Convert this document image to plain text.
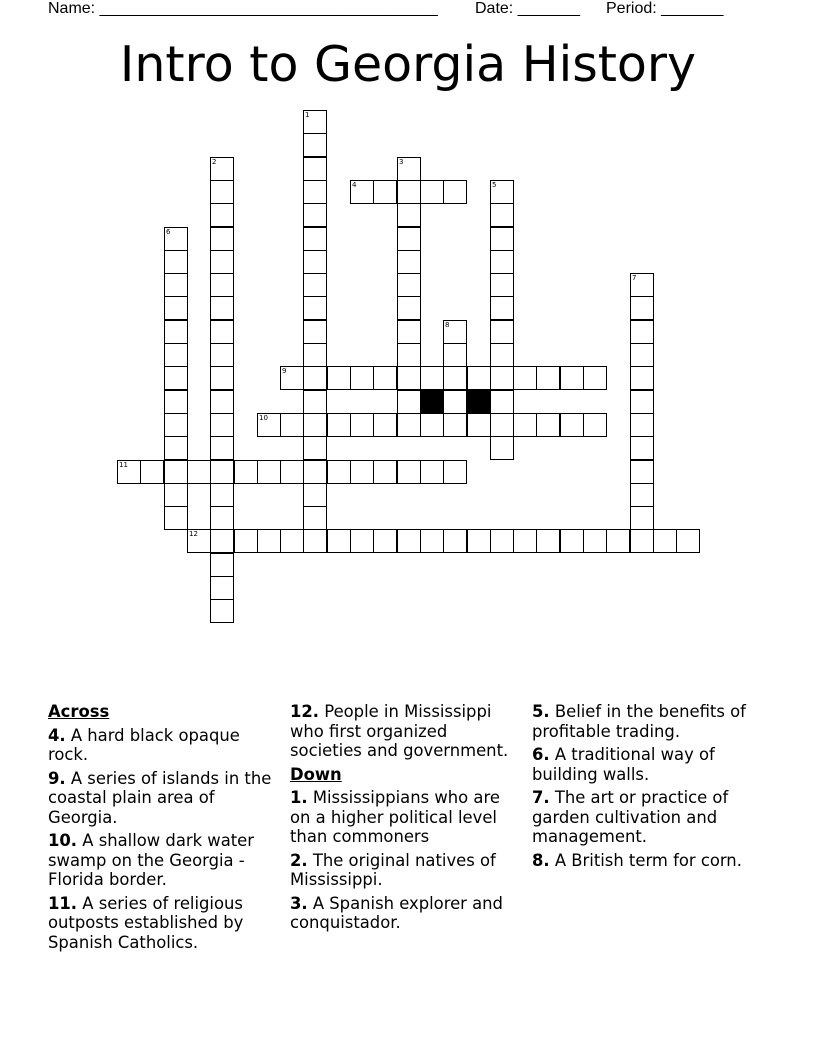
Name: ______________________________________ Date: _______ Period: _______
Intro to Georgia History
1
2	3
4	5
6
7
8
9
10
11
12
Across
4. A hard black opaque rock.
9. A series of islands in the coastal plain area of Georgia.
10. A shallow dark water swamp on the Georgia - Florida border.
11. A series of religious outposts established by Spanish Catholics.
12. People in Mississippi who first organized societies and government.
Down
1. Mississippians who are on a higher political level than commoners
2. The original natives of Mississippi.
3. A Spanish explorer and conquistador.
5. Belief in the benefits of profitable trading.
6. A traditional way of building walls.
7. The art or practice of garden cultivation and management.
8. A British term for corn.
